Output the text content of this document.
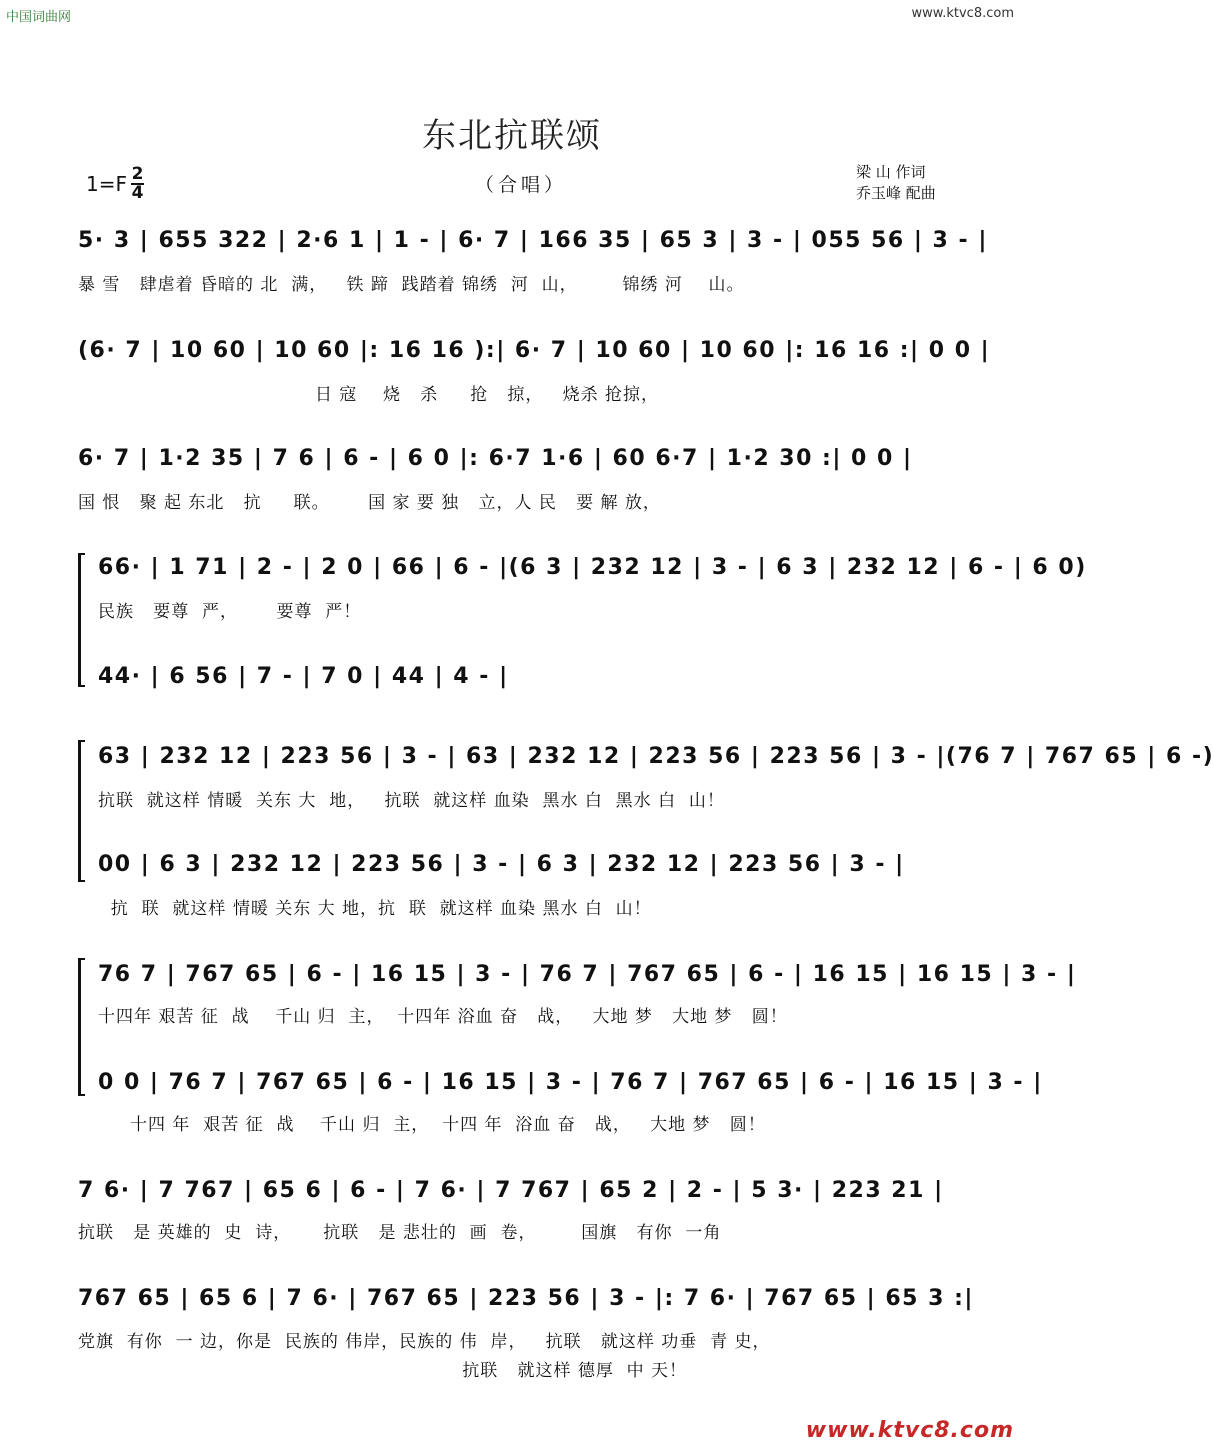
中国词曲网	www.ktvc8.com
东北抗联颂
$1=F \frac{2}{4}$	（合唱）
梁 山 作词
乔玉峰 配曲
5· 3 | 655 322 | 2·6 1 | 1 - | 6· 7 | 166 35 | 65 3 | 3 - | 055 56 | 3 - |
暴 雪   肆虐着 昏暗的 北  满，   铁 蹄  践踏着 锦绣  河  山，       锦绣 河    山。
(6· 7 | 10 60 | 10 60 |: 16 16 ):| 6· 7 | 10 60 | 10 60 |: 16 16 :| 0 0 |
日 寇    烧   杀     抢   掠，   烧杀 抢掠，
6· 7 | 1·2 35 | 7 6 | 6 - | 6 0 |: 6·7 1·6 | 60 6·7 | 1·2 30 :| 0 0 |
国 恨   聚 起 东北   抗     联。      国 家 要 独   立，人 民   要 解 放，
66· | 1 71 | 2 - | 2 0 | 66 | 6 - |(6 3 | 232 12 | 3 - | 6 3 | 232 12 | 6 - | 6 0)
民族   要尊  严，      要尊  严！
44· | 6 56 | 7 - | 7 0 | 44 | 4 - |
63 | 232 12 | 223 56 | 3 - | 63 | 232 12 | 223 56 | 223 56 | 3 - |(76 7 | 767 65 | 6 -)
抗联  就这样 情暖  关东 大  地，   抗联  就这样 血染  黑水 白  黑水 白  山！
00 | 6 3 | 232 12 | 223 56 | 3 - | 6 3 | 232 12 | 223 56 | 3 - |
抗  联  就这样 情暖 关东 大 地，抗  联  就这样 血染 黑水 白  山！
76 7 | 767 65 | 6 - | 16 15 | 3 - | 76 7 | 767 65 | 6 - | 16 15 | 16 15 | 3 - |
十四年 艰苦 征  战    千山 归  主，  十四年 浴血 奋   战，   大地 梦   大地 梦   圆！
0 0 | 76 7 | 767 65 | 6 - | 16 15 | 3 - | 76 7 | 767 65 | 6 - | 16 15 | 3 - |
十四 年  艰苦 征  战    千山 归  主，  十四 年  浴血 奋   战，   大地 梦   圆！
7 6· | 7 767 | 65 6 | 6 - | 7 6· | 7 767 | 65 2 | 2 - | 5 3· | 223 21 |
抗联   是 英雄的  史  诗，     抗联   是 悲壮的  画  卷，       国旗   有你  一角
767 65 | 65 6 | 7 6· | 767 65 | 223 56 | 3 - |: 7 6· | 767 65 | 65 3 :|
党旗  有你  一 边，你是  民族的 伟岸，民族的 伟  岸，   抗联   就这样 功垂  青 史，
抗联   就这样 德厚  中 天！
www.ktvc8.com
